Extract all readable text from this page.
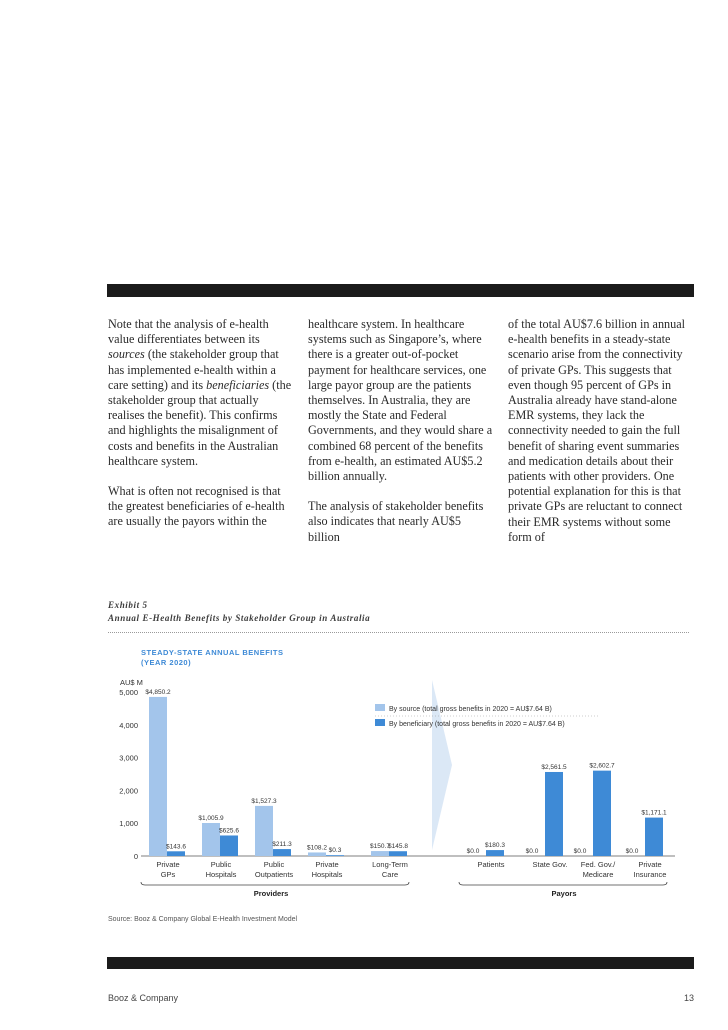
Note that the analysis of e-health value differentiates between its sources (the stakeholder group that has implemented e-health within a care setting) and its beneficiaries (the stakeholder group that actually realises the benefit). This confirms and highlights the misalignment of costs and benefits in the Australian healthcare system.

What is often not recognised is that the greatest beneficiaries of e-health are usually the payors within the

healthcare system. In healthcare systems such as Singapore’s, where there is a greater out-of-pocket payment for healthcare services, one large payor group are the patients themselves. In Australia, they are mostly the State and Federal Governments, and they would share a combined 68 percent of the benefits from e-health, an estimated AU$5.2 billion annually.

The analysis of stakeholder benefits also indicates that nearly AU$5 billion

of the total AU$7.6 billion in annual e-health benefits in a steady-state scenario arise from the connectivity of private GPs. This suggests that even though 95 percent of GPs in Australia already have stand-alone EMR systems, they lack the connectivity needed to gain the full benefit of sharing event summaries and medication details about their patients with other providers. One potential explanation for this is that private GPs are reluctant to connect their EMR systems without some form of

Exhibit 5
Annual E-Health Benefits by Stakeholder Group in Australia
STEADY-STATE ANNUAL BENEFITS
(YEAR 2020)
AU$ M
0
1,000
2,000
3,000
4,000
5,000
By source (total gross benefits in 2020 = AU$7.64 B)
By beneficiary (total gross benefits in 2020 = AU$7.64 B)
$4,850.2
$143.6
Private
GPs
$1,005.9
$625.6
Public
Hospitals
$1,527.3
$211.3
Public
Outpatients
$108.2 $0.3
Private
Hospitals
$150.7
$145.8
Long-Term
Care
$0.0
$180.3
Patients
$0.0
$2,561.5
State Gov.
$0.0
$2,602.7
Fed. Gov./
Medicare
$0.0
$1,171.1
Private
Insurance
Providers	Payors
Source: Booz & Company Global E-Health Investment Model
Booz & Company	13
